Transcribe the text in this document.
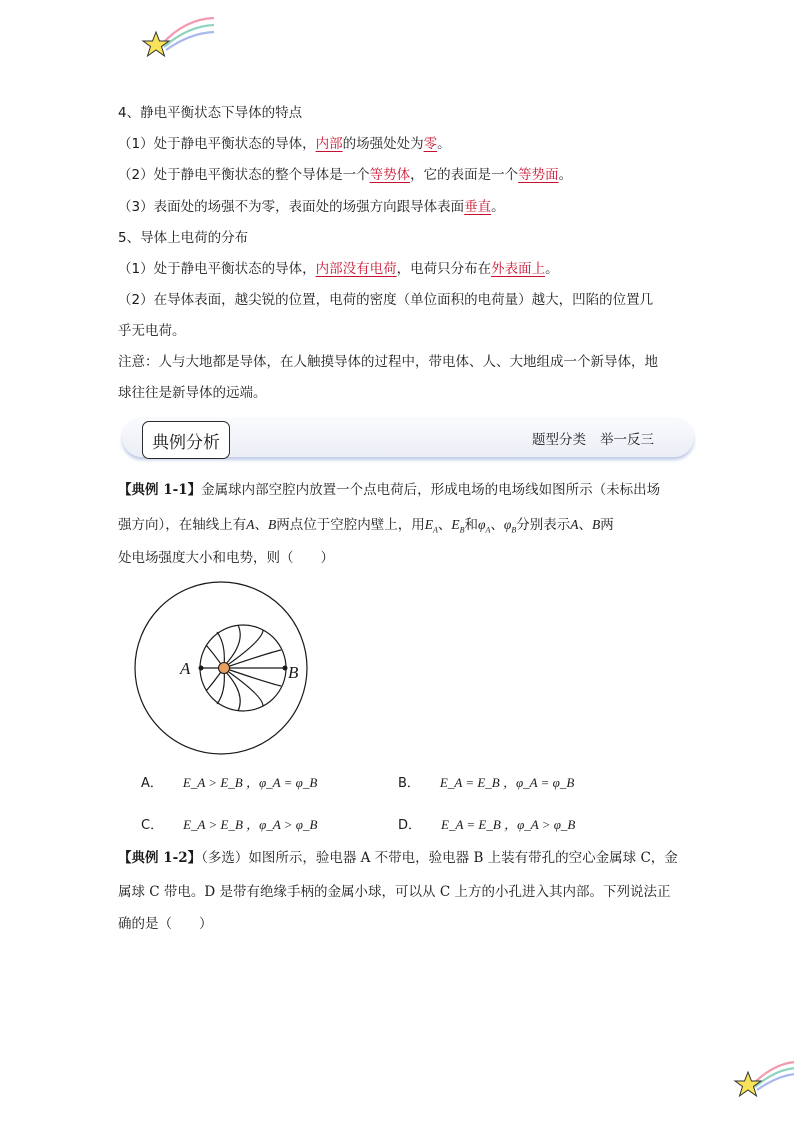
4、静电平衡状态下导体的特点
（1）处于静电平衡状态的导体，内部的场强处处为零。
（2）处于静电平衡状态的整个导体是一个等势体，它的表面是一个等势面。
（3）表面处的场强不为零，表面处的场强方向跟导体表面垂直。
5、导体上电荷的分布
（1）处于静电平衡状态的导体，内部没有电荷，电荷只分布在外表面上。
（2）在导体表面，越尖锐的位置，电荷的密度（单位面积的电荷量）越大，凹陷的位置几
乎无电荷。
注意：人与大地都是导体，在人触摸导体的过程中，带电体、人、大地组成一个新导体，地
球往往是新导体的远端。
典例分析	题型分类 举一反三
【典例 1-1】金属球内部空腔内放置一个点电荷后，形成电场的电场线如图所示（未标出场
强方向），在轴线上有A、B两点位于空腔内壁上，用$E_A$、$E_B$和$\varphi_A$、$\varphi_B$分别表示A、B两
处电场强度大小和电势，则（　　）
A	B
A． E_A > E_B ，φ_A = φ_B	B． E_A = E_B ，φ_A = φ_B
C． E_A > E_B ，φ_A > φ_B	D． E_A = E_B ，φ_A > φ_B
【典例 1-2】（多选）如图所示，验电器 A 不带电，验电器 B 上装有带孔的空心金属球 C，金
属球 C 带电。D 是带有绝缘手柄的金属小球，可以从 C 上方的小孔进入其内部。下列说法正
确的是（　　）
